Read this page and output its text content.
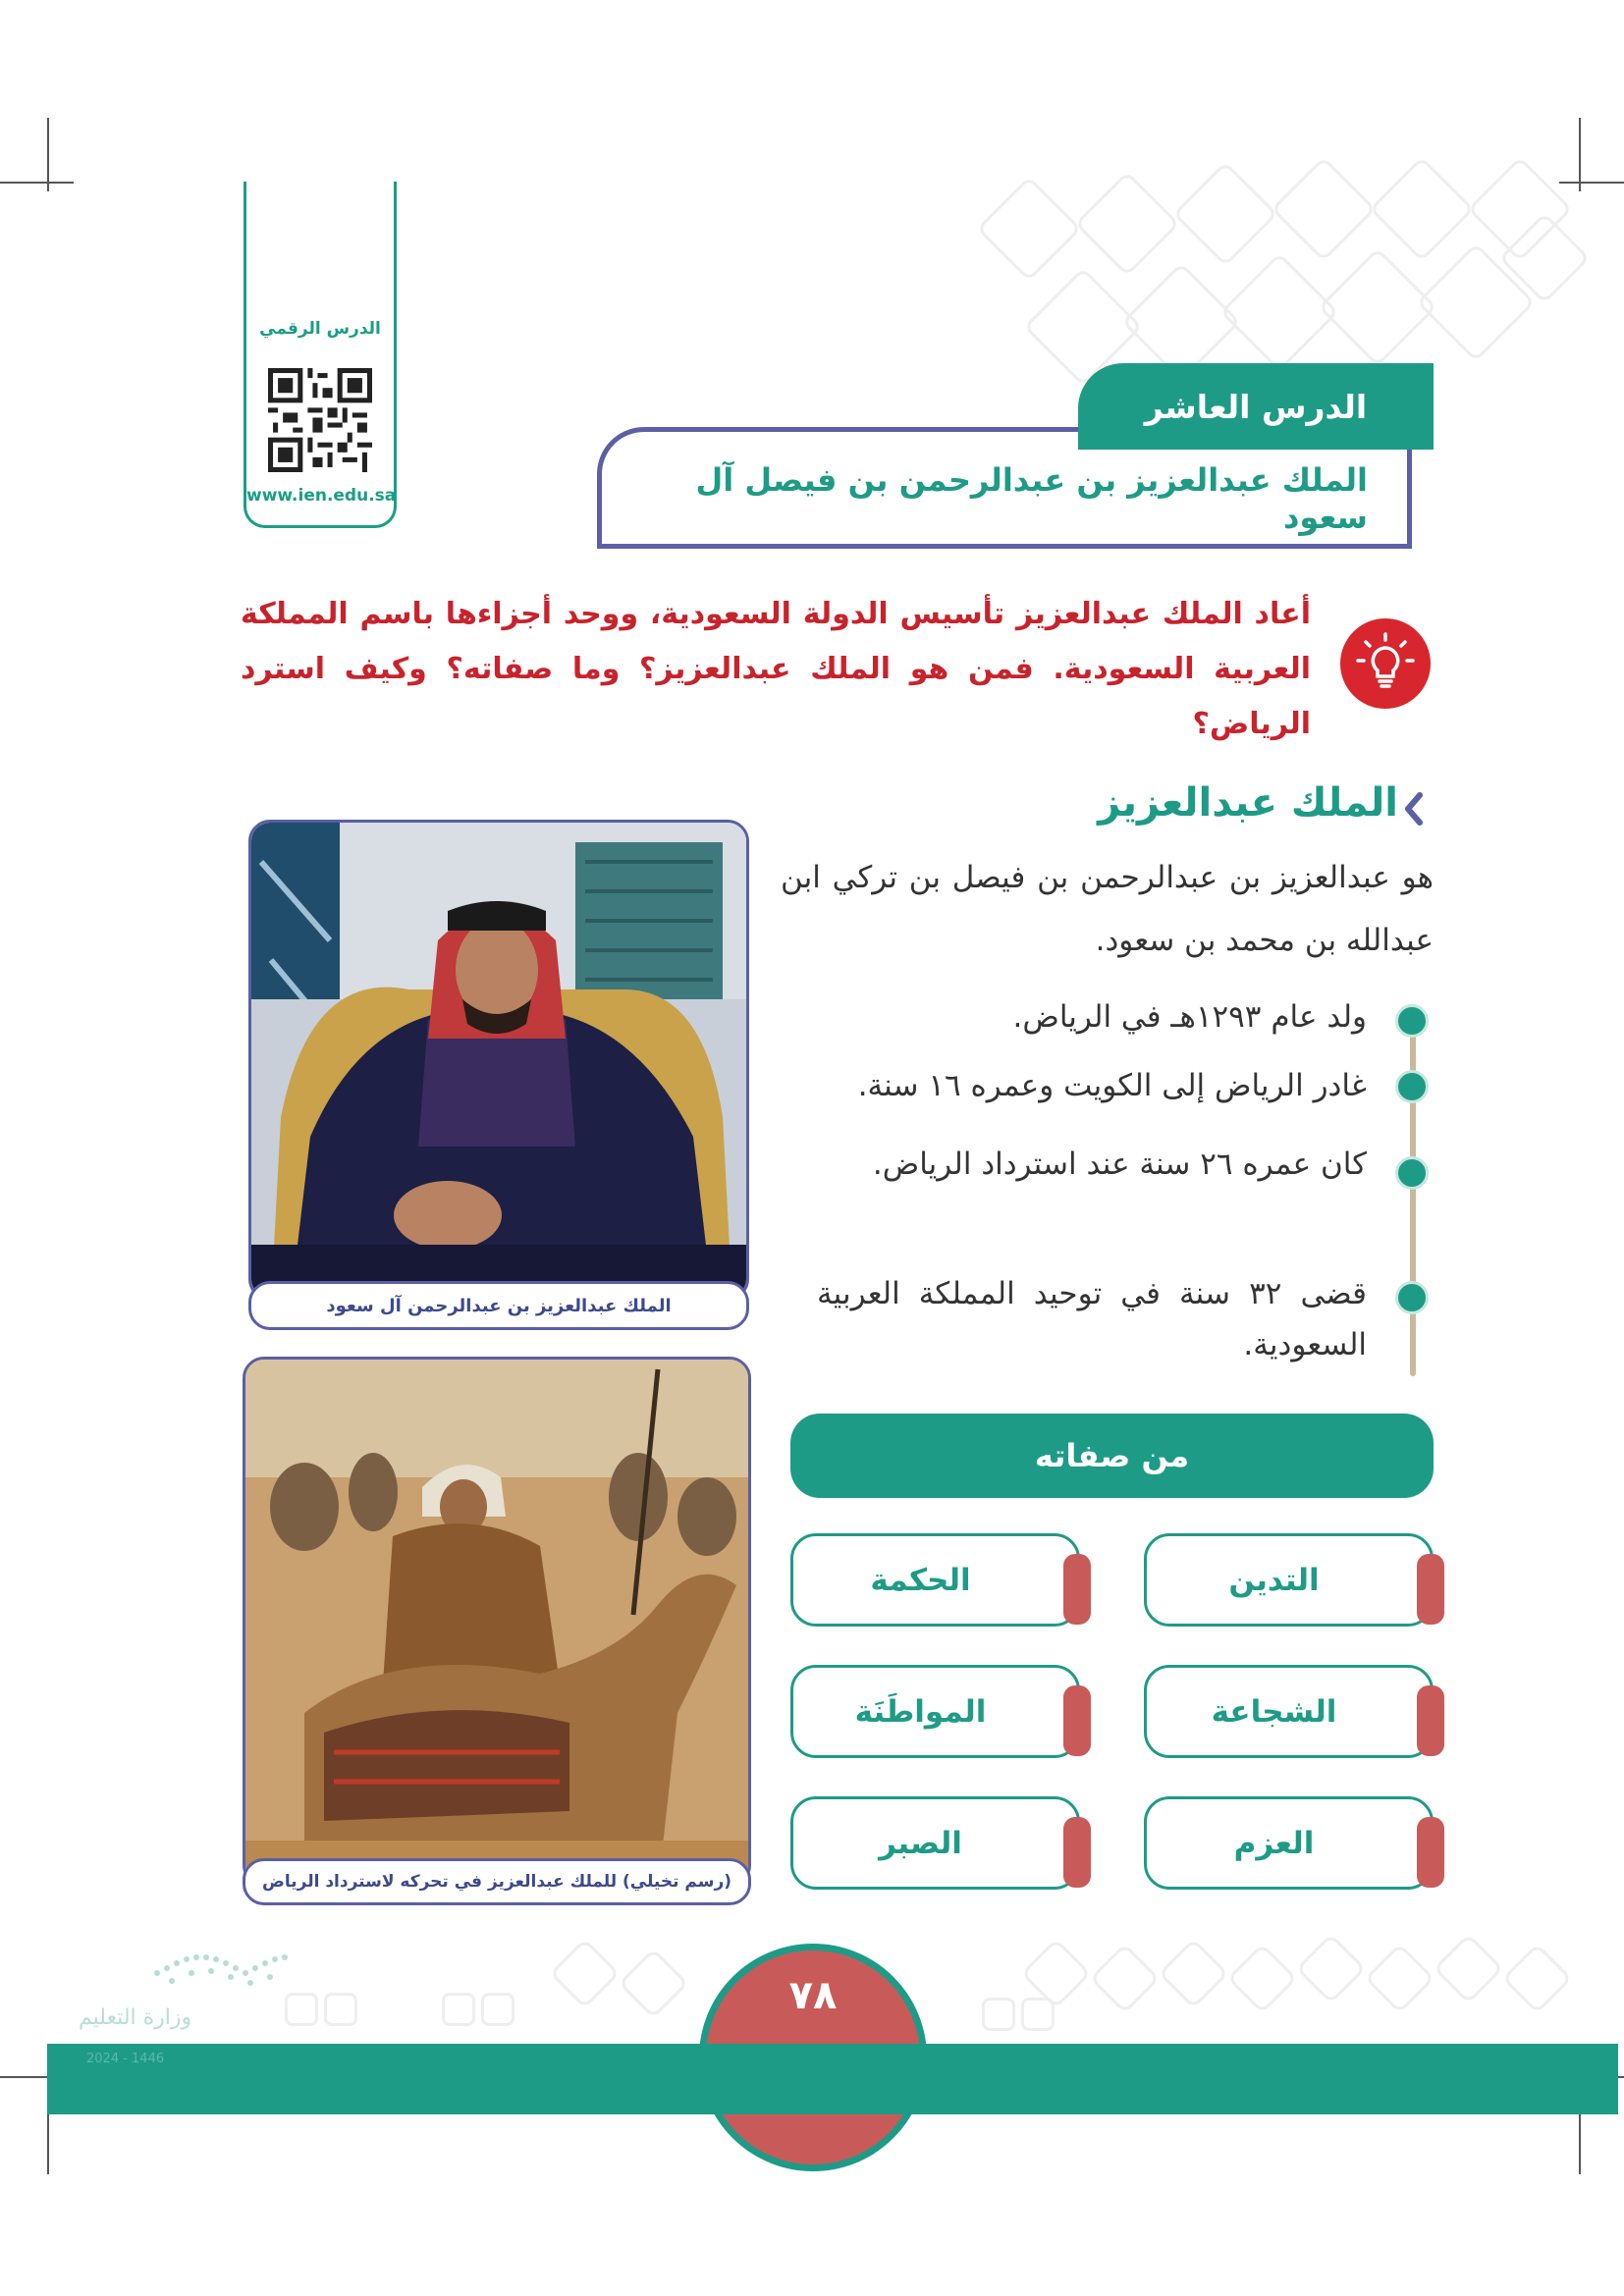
الدرس الرقمي
www.ien.edu.sa	الملك عبدالعزيز بن عبدالرحمن بن فيصل آل سعود
الدرس العاشر
أعاد الملك عبدالعزيز تأسيس الدولة السعودية، ووحد أجزاءها باسم المملكة العربية السعودية. فمن هو الملك عبدالعزيز؟ وما صفاته؟ وكيف استرد الرياض؟
الملك عبدالعزيز
هو عبدالعزيز بن عبدالرحمن بن فيصل بن تركي ابن عبدالله بن محمد بن سعود.
ولد عام ١٢٩٣هـ في الرياض.
غادر الرياض إلى الكويت وعمره ١٦ سنة.
كان عمره ٢٦ سنة عند استرداد الرياض.
قضى ٣٢ سنة في توحيد المملكة العربية السعودية.
من صفاته
التدين
الحكمة
الشجاعة
المواطَنَة
العزم
الصبر
الملك عبدالعزيز بن عبدالرحمن آل سعود
(رسم تخيلي) للملك عبدالعزيز في تحركه لاسترداد الرياض
وزارة التعليم	٧٨
2024 - 1446
